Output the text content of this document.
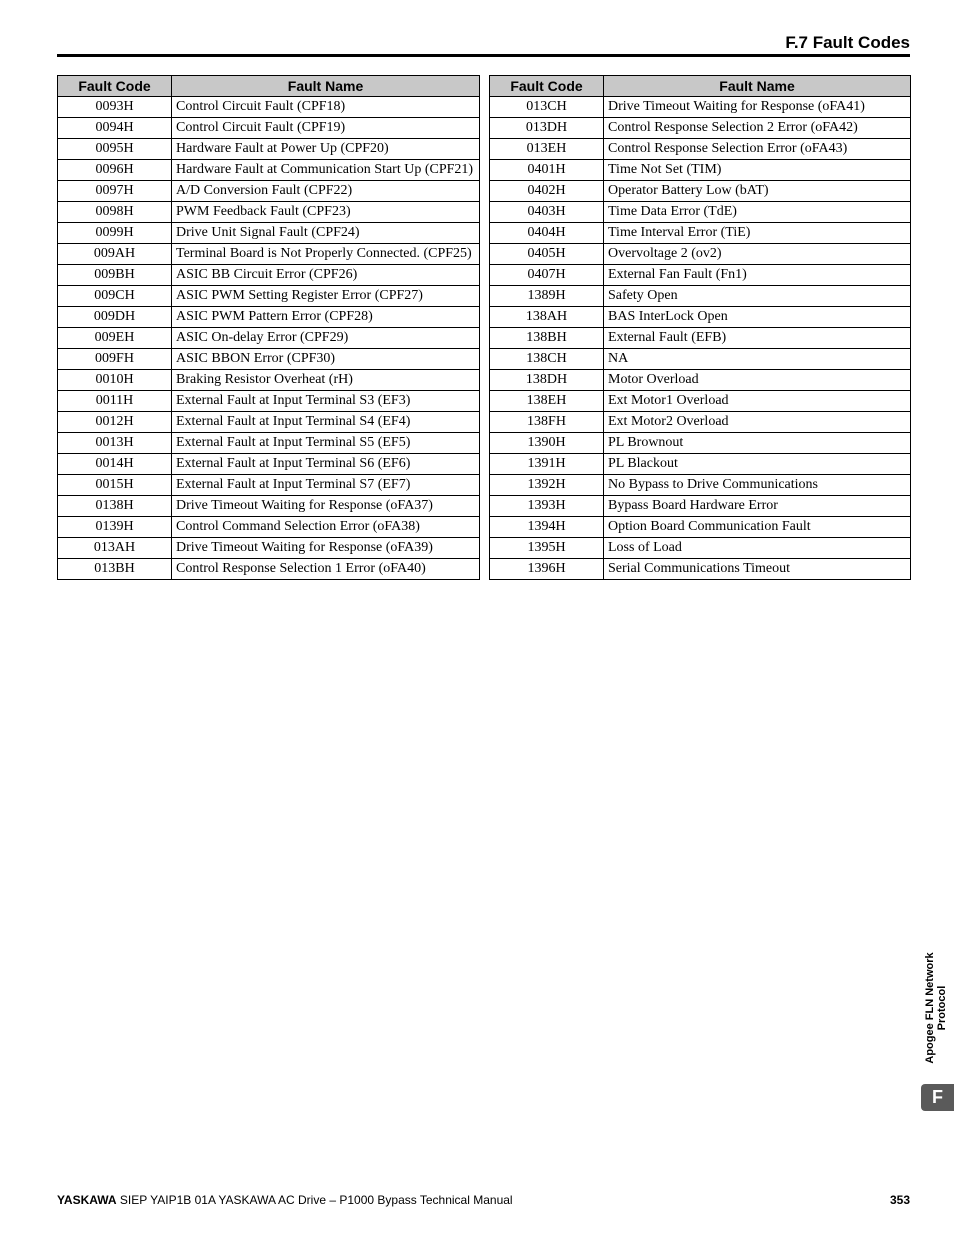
F.7 Fault Codes
Fault Code	Fault Name
0093H	Control Circuit Fault (CPF18)
0094H	Control Circuit Fault (CPF19)
0095H	Hardware Fault at Power Up (CPF20)
0096H	Hardware Fault at Communication Start Up (CPF21)
0097H	A/D Conversion Fault (CPF22)
0098H	PWM Feedback Fault (CPF23)
0099H	Drive Unit Signal Fault (CPF24)
009AH	Terminal Board is Not Properly Connected. (CPF25)
009BH	ASIC BB Circuit Error (CPF26)
009CH	ASIC PWM Setting Register Error (CPF27)
009DH	ASIC PWM Pattern Error (CPF28)
009EH	ASIC On-delay Error (CPF29)
009FH	ASIC BBON Error (CPF30)
0010H	Braking Resistor Overheat (rH)
0011H	External Fault at Input Terminal S3 (EF3)
0012H	External Fault at Input Terminal S4 (EF4)
0013H	External Fault at Input Terminal S5 (EF5)
0014H	External Fault at Input Terminal S6 (EF6)
0015H	External Fault at Input Terminal S7 (EF7)
0138H	Drive Timeout Waiting for Response (oFA37)
0139H	Control Command Selection Error (oFA38)
013AH	Drive Timeout Waiting for Response (oFA39)
013BH	Control Response Selection 1 Error (oFA40)
Fault Code	Fault Name
013CH	Drive Timeout Waiting for Response (oFA41)
013DH	Control Response Selection 2 Error (oFA42)
013EH	Control Response Selection Error (oFA43)
0401H	Time Not Set (TIM)
0402H	Operator Battery Low (bAT)
0403H	Time Data Error (TdE)
0404H	Time Interval Error (TiE)
0405H	Overvoltage 2 (ov2)
0407H	External Fan Fault (Fn1)
1389H	Safety Open
138AH	BAS InterLock Open
138BH	External Fault (EFB)
138CH	NA
138DH	Motor Overload
138EH	Ext Motor1 Overload
138FH	Ext Motor2 Overload
1390H	PL Brownout
1391H	PL Blackout
1392H	No Bypass to Drive Communications
1393H	Bypass Board Hardware Error
1394H	Option Board Communication Fault
1395H	Loss of Load
1396H	Serial Communications Timeout
Apogee FLN Network
Protocol
F
YASKAWA SIEP YAIP1B 01A YASKAWA AC Drive – P1000 Bypass Technical Manual	353
